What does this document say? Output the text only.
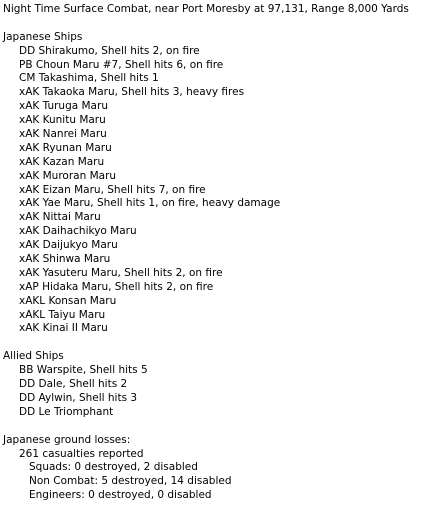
Night Time Surface Combat, near Port Moresby at 97,131, Range 8,000 Yards
Japanese Ships
DD Shirakumo, Shell hits 2, on fire
PB Choun Maru #7, Shell hits 6, on fire
CM Takashima, Shell hits 1
xAK Takaoka Maru, Shell hits 3, heavy fires
xAK Turuga Maru
xAK Kunitu Maru
xAK Nanrei Maru
xAK Ryunan Maru
xAK Kazan Maru
xAK Muroran Maru
xAK Eizan Maru, Shell hits 7, on fire
xAK Yae Maru, Shell hits 1, on fire, heavy damage
xAK Nittai Maru
xAK Daihachikyo Maru
xAK Daijukyo Maru
xAK Shinwa Maru
xAK Yasuteru Maru, Shell hits 2, on fire
xAP Hidaka Maru, Shell hits 2, on fire
xAKL Konsan Maru
xAKL Taiyu Maru
xAK Kinai II Maru
Allied Ships
BB Warspite, Shell hits 5
DD Dale, Shell hits 2
DD Aylwin, Shell hits 3
DD Le Triomphant
Japanese ground losses:
261 casualties reported
Squads: 0 destroyed, 2 disabled
Non Combat: 5 destroyed, 14 disabled
Engineers: 0 destroyed, 0 disabled
